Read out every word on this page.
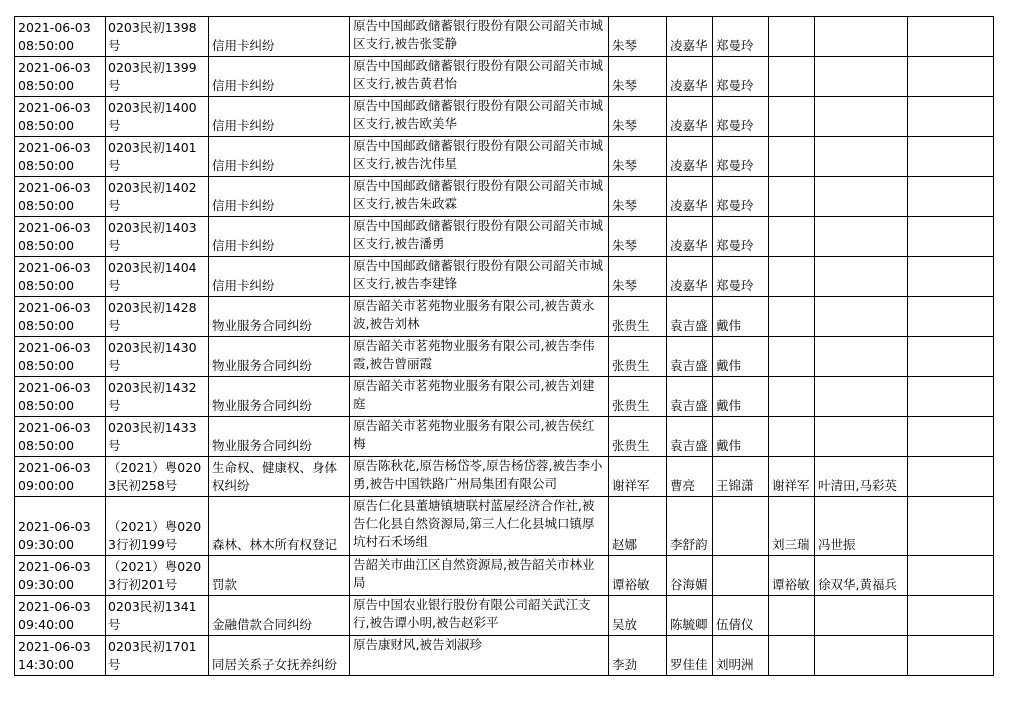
2021-06-03 08:50:00	0203民初1398号	信用卡纠纷	原告中国邮政储蓄银行股份有限公司韶关市城区支行,被告张雯静	朱琴	凌嘉华	郑曼玲			
2021-06-03 08:50:00	0203民初1399号	信用卡纠纷	原告中国邮政储蓄银行股份有限公司韶关市城区支行,被告黄君怡	朱琴	凌嘉华	郑曼玲			
2021-06-03 08:50:00	0203民初1400号	信用卡纠纷	原告中国邮政储蓄银行股份有限公司韶关市城区支行,被告欧美华	朱琴	凌嘉华	郑曼玲			
2021-06-03 08:50:00	0203民初1401号	信用卡纠纷	原告中国邮政储蓄银行股份有限公司韶关市城区支行,被告沈伟星	朱琴	凌嘉华	郑曼玲			
2021-06-03 08:50:00	0203民初1402号	信用卡纠纷	原告中国邮政储蓄银行股份有限公司韶关市城区支行,被告朱政霖	朱琴	凌嘉华	郑曼玲			
2021-06-03 08:50:00	0203民初1403号	信用卡纠纷	原告中国邮政储蓄银行股份有限公司韶关市城区支行,被告潘勇	朱琴	凌嘉华	郑曼玲			
2021-06-03 08:50:00	0203民初1404号	信用卡纠纷	原告中国邮政储蓄银行股份有限公司韶关市城区支行,被告李建锋	朱琴	凌嘉华	郑曼玲			
2021-06-03 08:50:00	0203民初1428号	物业服务合同纠纷	原告韶关市茗苑物业服务有限公司,被告黄永波,被告刘林	张贵生	袁吉盛	戴伟			
2021-06-03 08:50:00	0203民初1430号	物业服务合同纠纷	原告韶关市茗苑物业服务有限公司,被告李伟霞,被告曾丽霞	张贵生	袁吉盛	戴伟			
2021-06-03 08:50:00	0203民初1432号	物业服务合同纠纷	原告韶关市茗苑物业服务有限公司,被告刘建庭	张贵生	袁吉盛	戴伟			
2021-06-03 08:50:00	0203民初1433号	物业服务合同纠纷	原告韶关市茗苑物业服务有限公司,被告侯红梅	张贵生	袁吉盛	戴伟			
2021-06-03 09:00:00	（2021）粤0203民初258号	生命权、健康权、身体权纠纷	原告陈秋花,原告杨岱苓,原告杨岱蓉,被告李小勇,被告中国铁路广州局集团有限公司	谢祥军	曹亮	王锦潇	谢祥军	叶清田,马彩英	
2021-06-03 09:30:00	（2021）粤0203行初199号	森林、林木所有权登记	原告仁化县董塘镇塘联村蓝屋经济合作社,被告仁化县自然资源局,第三人仁化县城口镇厚坑村石禾场组	赵娜	李舒韵		刘三瑞	冯世振	
2021-06-03 09:30:00	（2021）粤0203行初201号	罚款	告韶关市曲江区自然资源局,被告韶关市林业局	谭裕敏	谷海媚		谭裕敏	徐双华,黄福兵	
2021-06-03 09:40:00	0203民初1341号	金融借款合同纠纷	原告中国农业银行股份有限公司韶关武江支行,被告谭小明,被告赵彩平	吴放	陈毓卿	伍倩仪			
2021-06-03 14:30:00	0203民初1701号	同居关系子女抚养纠纷	原告康财风,被告刘淑珍	李劲	罗佳佳	刘明洲			
